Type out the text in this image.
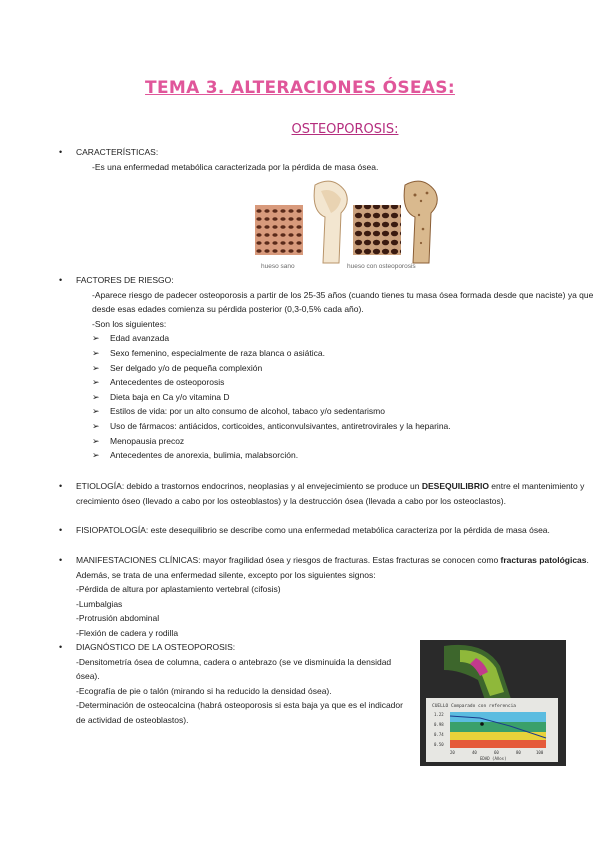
TEMA 3. ALTERACIONES ÓSEAS:
OSTEOPOROSIS:
• CARACTERÍSTICAS:
-Es una enfermedad metabólica caracterizada por la pérdida de masa ósea.
hueso sano	hueso con osteoporosis
• FACTORES DE RIESGO:
-Aparece riesgo de padecer osteoporosis a partir de los 25-35 años (cuando tienes tu masa ósea formada desde que naciste) ya que desde esas edades comienza su pérdida posterior (0,3-0,5% cada año).
-Son los siguientes:
➢ Edad avanzada
➢ Sexo femenino, especialmente de raza blanca o asiática.
➢ Ser delgado y/o de pequeña complexión
➢ Antecedentes de osteoporosis
➢ Dieta baja en Ca y/o vitamina D
➢ Estilos de vida: por un alto consumo de alcohol, tabaco y/o sedentarismo
➢ Uso de fármacos: antiácidos, corticoides, anticonvulsivantes, antiretrovirales y la heparina.
➢ Menopausia precoz
➢ Antecedentes de anorexia, bulimia, malabsorción.
• ETIOLOGÍA: debido a trastornos endocrinos, neoplasias y al envejecimiento se produce un DESEQUILIBRIO entre el mantenimiento y crecimiento óseo (llevado a cabo por los osteoblastos) y la destrucción ósea (llevada a cabo por los osteoclastos).
• FISIOPATOLOGÍA: este desequilibrio se describe como una enfermedad metabólica caracteriza por la pérdida de masa ósea.
• MANIFESTACIONES CLÍNICAS: mayor fragilidad ósea y riesgos de fracturas. Estas fracturas se conocen como fracturas patológicas. Además, se trata de una enfermedad silente, excepto por los siguientes signos:
-Pérdida de altura por aplastamiento vertebral (cifosis)
-Lumbalgias
-Protrusión abdominal
-Flexión de cadera y rodilla
• DIAGNÓSTICO DE LA OSTEOPOROSIS:
-Densitometría ósea de columna, cadera o antebrazo (se ve disminuida la densidad ósea).
-Ecografía de pie o talón (mirando si ha reducido la densidad ósea).
-Determinación de osteocalcina (habrá osteoporosis si esta baja ya que es el indicador de actividad de osteoblastos).
CUELLO Comparado con referencia
1.22
0.98
0.74
0.50
20	40	60	80	100
EDAD (Años)
